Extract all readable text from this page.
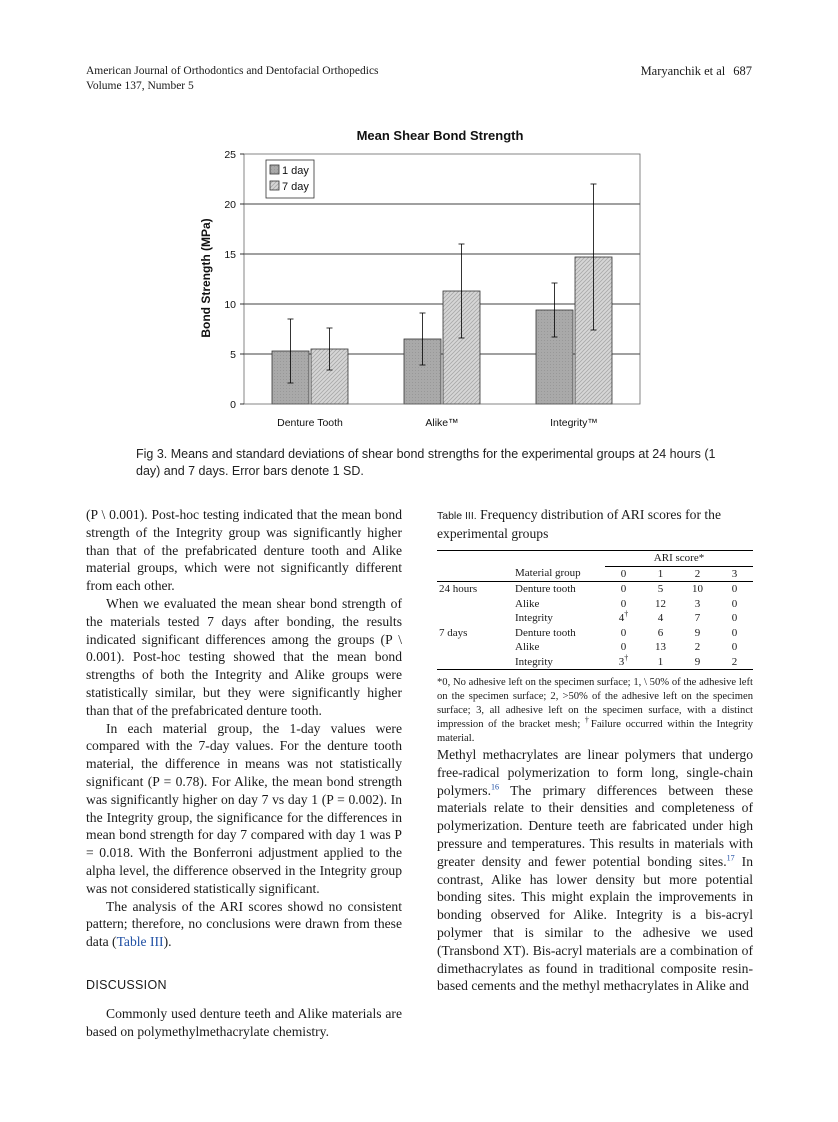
American Journal of Orthodontics and Dentofacial Orthopedics
Volume 137, Number 5
Maryanchik et al 687
Mean Shear Bond Strength
0
5
10
15
20
25
Denture Tooth	Alike™	Integrity™
Bond Strength (MPa)
1 day
7 day
Fig 3. Means and standard deviations of shear bond strengths for the experimental groups at 24 hours (1 day) and 7 days. Error bars denote 1 SD.

(P \ 0.001). Post-hoc testing indicated that the mean bond strength of the Integrity group was significantly higher than that of the prefabricated denture tooth and Alike material groups, which were not significantly different from each other.

When we evaluated the mean shear bond strength of the materials tested 7 days after bonding, the results indicated significant differences among the groups (P \ 0.001). Post-hoc testing showed that the mean bond strengths of both the Integrity and Alike groups were statistically similar, but they were significantly higher than that of the prefabricated denture tooth.

In each material group, the 1-day values were compared with the 7-day values. For the denture tooth material, the difference in means was not statistically significant (P = 0.78). For Alike, the mean bond strength was significantly higher on day 7 vs day 1 (P = 0.002). In the Integrity group, the significance for the differences in mean bond strength for day 7 compared with day 1 was P = 0.018. With the Bonferroni adjustment applied to the alpha level, the difference observed in the Integrity group was not considered statistically significant.

The analysis of the ARI scores showd no consistent pattern; therefore, no conclusions were drawn from these data (Table III).

DISCUSSION

Commonly used denture teeth and Alike materials are based on polymethylmethacrylate chemistry.

Table III. Frequency distribution of ARI scores for the experimental groups
		ARI score*			
	Material group	0	1	2	3
24 hours	Denture tooth	0	5	10	0
	Alike	0	12	3	0
	Integrity	4†	4	7	0
7 days	Denture tooth	0	6	9	0
	Alike	0	13	2	0
	Integrity	3†	1	9	2
*0, No adhesive left on the specimen surface; 1, \ 50% of the adhesive left on the specimen surface; 2, >50% of the adhesive left on the specimen surface; 3, all adhesive left on the specimen surface, with a distinct impression of the bracket mesh; †Failure occurred within the Integrity material.

Methyl methacrylates are linear polymers that undergo free-radical polymerization to form long, single-chain polymers.$^{16}$ The primary differences between these materials relate to their densities and completeness of polymerization. Denture teeth are fabricated under high pressure and temperatures. This results in materials with greater density and fewer potential bonding sites.$^{17}$ In contrast, Alike has lower density but more potential bonding sites. This might explain the improvements in bonding observed for Alike. Integrity is a bis-acryl polymer that is similar to the adhesive we used (Transbond XT). Bis-acryl materials are a combination of dimethacrylates as found in traditional composite resin-based cements and the methyl methacrylates in Alike and
